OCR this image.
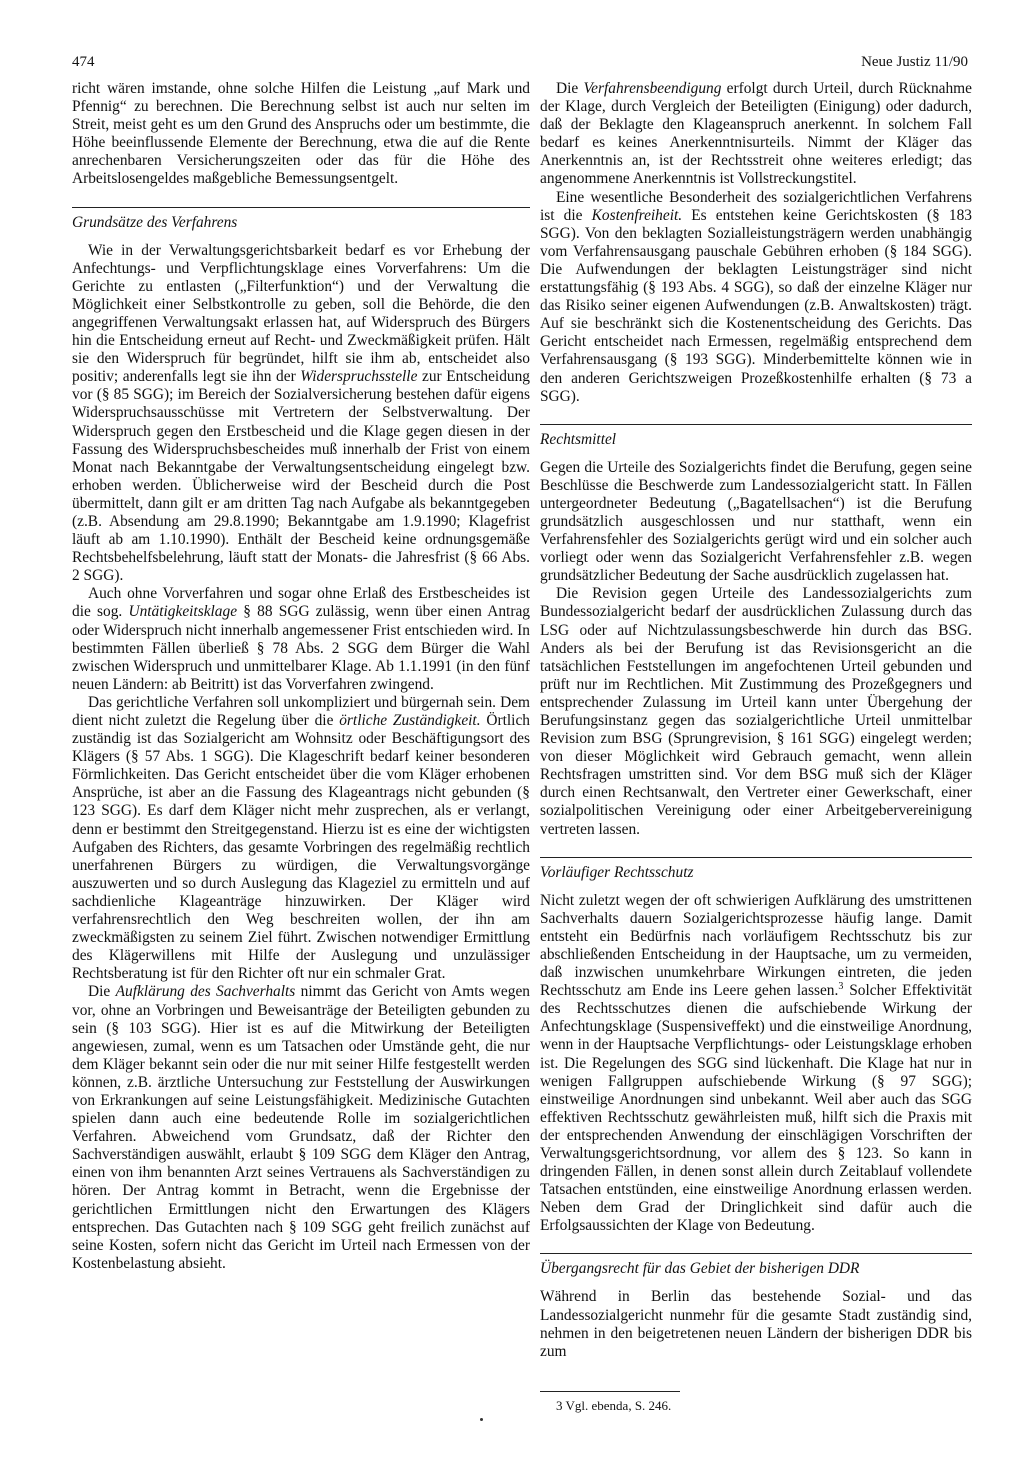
474	Neue Justiz 11/90

richt wären imstande, ohne solche Hilfen die Leistung „auf Mark und Pfennig“ zu berechnen. Die Berechnung selbst ist auch nur selten im Streit, meist geht es um den Grund des Anspruchs oder um bestimmte, die Höhe beeinflussende Elemente der Berechnung, etwa die auf die Rente anrechenbaren Versicherungszeiten oder das für die Höhe des Arbeitslosengeldes maßgebliche Bemessungsentgelt.

Grundsätze des Verfahrens

Wie in der Verwaltungsgerichtsbarkeit bedarf es vor Erhebung der Anfechtungs- und Verpflichtungsklage eines Vorverfahrens: Um die Gerichte zu entlasten („Filterfunktion“) und der Verwaltung die Möglichkeit einer Selbstkontrolle zu geben, soll die Behörde, die den angegriffenen Verwaltungsakt erlassen hat, auf Widerspruch des Bürgers hin die Entscheidung erneut auf Recht- und Zweckmäßigkeit prüfen. Hält sie den Widerspruch für begründet, hilft sie ihm ab, entscheidet also positiv; anderenfalls legt sie ihn der Widerspruchsstelle zur Entscheidung vor (§ 85 SGG); im Bereich der Sozialversicherung bestehen dafür eigens Widerspruchsausschüsse mit Vertretern der Selbstverwaltung. Der Widerspruch gegen den Erstbescheid und die Klage gegen diesen in der Fassung des Widerspruchsbescheides muß innerhalb der Frist von einem Monat nach Bekanntgabe der Verwaltungsentscheidung eingelegt bzw. erhoben werden. Üblicherweise wird der Bescheid durch die Post übermittelt, dann gilt er am dritten Tag nach Aufgabe als bekanntgegeben (z.B. Absendung am 29.8.1990; Bekanntgabe am 1.9.1990; Klagefrist läuft ab am 1.10.1990). Enthält der Bescheid keine ordnungsgemäße Rechtsbehelfsbelehrung, läuft statt der Monats- die Jahresfrist (§ 66 Abs. 2 SGG).

Auch ohne Vorverfahren und sogar ohne Erlaß des Erstbescheides ist die sog. Untätigkeitsklage § 88 SGG zulässig, wenn über einen Antrag oder Widerspruch nicht innerhalb angemessener Frist entschieden wird. In bestimmten Fällen überließ § 78 Abs. 2 SGG dem Bürger die Wahl zwischen Widerspruch und unmittelbarer Klage. Ab 1.1.1991 (in den fünf neuen Ländern: ab Beitritt) ist das Vorverfahren zwingend.

Das gerichtliche Verfahren soll unkompliziert und bürgernah sein. Dem dient nicht zuletzt die Regelung über die örtliche Zuständigkeit. Örtlich zuständig ist das Sozialgericht am Wohnsitz oder Beschäftigungsort des Klägers (§ 57 Abs. 1 SGG). Die Klageschrift bedarf keiner besonderen Förmlichkeiten. Das Gericht entscheidet über die vom Kläger erhobenen Ansprüche, ist aber an die Fassung des Klageantrags nicht gebunden (§ 123 SGG). Es darf dem Kläger nicht mehr zusprechen, als er verlangt, denn er bestimmt den Streitgegenstand. Hierzu ist es eine der wichtigsten Aufgaben des Richters, das gesamte Vorbringen des regelmäßig rechtlich unerfahrenen Bürgers zu würdigen, die Verwaltungsvorgänge auszuwerten und so durch Auslegung das Klageziel zu ermitteln und auf sachdienliche Klageanträge hinzuwirken. Der Kläger wird verfahrensrechtlich den Weg beschreiten wollen, der ihn am zweckmäßigsten zu seinem Ziel führt. Zwischen notwendiger Ermittlung des Klägerwillens mit Hilfe der Auslegung und unzulässiger Rechtsberatung ist für den Richter oft nur ein schmaler Grat.

Die Aufklärung des Sachverhalts nimmt das Gericht von Amts wegen vor, ohne an Vorbringen und Beweisanträge der Beteiligten gebunden zu sein (§ 103 SGG). Hier ist es auf die Mitwirkung der Beteiligten angewiesen, zumal, wenn es um Tatsachen oder Umstände geht, die nur dem Kläger bekannt sein oder die nur mit seiner Hilfe festgestellt werden können, z.B. ärztliche Untersuchung zur Feststellung der Auswirkungen von Erkrankungen auf seine Leistungsfähigkeit. Medizinische Gutachten spielen dann auch eine bedeutende Rolle im sozialgerichtlichen Verfahren. Abweichend vom Grundsatz, daß der Richter den Sachverständigen auswählt, erlaubt § 109 SGG dem Kläger den Antrag, einen von ihm benannten Arzt seines Vertrauens als Sachverständigen zu hören. Der Antrag kommt in Betracht, wenn die Ergebnisse der gerichtlichen Ermittlungen nicht den Erwartungen des Klägers entsprechen. Das Gutachten nach § 109 SGG geht freilich zunächst auf seine Kosten, sofern nicht das Gericht im Urteil nach Ermessen von der Kostenbelastung absieht.

Die Verfahrensbeendigung erfolgt durch Urteil, durch Rücknahme der Klage, durch Vergleich der Beteiligten (Einigung) oder dadurch, daß der Beklagte den Klageanspruch anerkennt. In solchem Fall bedarf es keines Anerkenntnisurteils. Nimmt der Kläger das Anerkenntnis an, ist der Rechtsstreit ohne weiteres erledigt; das angenommene Anerkenntnis ist Vollstreckungstitel.

Eine wesentliche Besonderheit des sozialgerichtlichen Verfahrens ist die Kostenfreiheit. Es entstehen keine Gerichtskosten (§ 183 SGG). Von den beklagten Sozialleistungsträgern werden unabhängig vom Verfahrensausgang pauschale Gebühren erhoben (§ 184 SGG). Die Aufwendungen der beklagten Leistungsträger sind nicht erstattungsfähig (§ 193 Abs. 4 SGG), so daß der einzelne Kläger nur das Risiko seiner eigenen Aufwendungen (z.B. Anwaltskosten) trägt. Auf sie beschränkt sich die Kostenentscheidung des Gerichts. Das Gericht entscheidet nach Ermessen, regelmäßig entsprechend dem Verfahrensausgang (§ 193 SGG). Minderbemittelte können wie in den anderen Gerichtszweigen Prozeßkostenhilfe erhalten (§ 73 a SGG).

Rechtsmittel

Gegen die Urteile des Sozialgerichts findet die Berufung, gegen seine Beschlüsse die Beschwerde zum Landessozialgericht statt. In Fällen untergeordneter Bedeutung („Bagatellsachen“) ist die Berufung grundsätzlich ausgeschlossen und nur statthaft, wenn ein Verfahrensfehler des Sozialgerichts gerügt wird und ein solcher auch vorliegt oder wenn das Sozialgericht Verfahrensfehler z.B. wegen grundsätzlicher Bedeutung der Sache ausdrücklich zugelassen hat.

Die Revision gegen Urteile des Landessozialgerichts zum Bundessozialgericht bedarf der ausdrücklichen Zulassung durch das LSG oder auf Nichtzulassungsbeschwerde hin durch das BSG. Anders als bei der Berufung ist das Revisionsgericht an die tatsächlichen Feststellungen im angefochtenen Urteil gebunden und prüft nur im Rechtlichen. Mit Zustimmung des Prozeßgegners und entsprechender Zulassung im Urteil kann unter Übergehung der Berufungsinstanz gegen das sozialgerichtliche Urteil unmittelbar Revision zum BSG (Sprungrevision, § 161 SGG) eingelegt werden; von dieser Möglichkeit wird Gebrauch gemacht, wenn allein Rechtsfragen umstritten sind. Vor dem BSG muß sich der Kläger durch einen Rechtsanwalt, den Vertreter einer Gewerkschaft, einer sozialpolitischen Vereinigung oder einer Arbeitgebervereinigung vertreten lassen.

Vorläufiger Rechtsschutz

Nicht zuletzt wegen der oft schwierigen Aufklärung des umstrittenen Sachverhalts dauern Sozialgerichtsprozesse häufig lange. Damit entsteht ein Bedürfnis nach vorläufigem Rechtsschutz bis zur abschließenden Entscheidung in der Hauptsache, um zu vermeiden, daß inzwischen unumkehrbare Wirkungen eintreten, die jeden Rechtsschutz am Ende ins Leere gehen lassen.$^3$ Solcher Effektivität des Rechtsschutzes dienen die aufschiebende Wirkung der Anfechtungsklage (Suspensiveffekt) und die einstweilige Anordnung, wenn in der Hauptsache Verpflichtungs- oder Leistungsklage erhoben ist. Die Regelungen des SGG sind lückenhaft. Die Klage hat nur in wenigen Fallgruppen aufschiebende Wirkung (§ 97 SGG); einstweilige Anordnungen sind unbekannt. Weil aber auch das SGG effektiven Rechtsschutz gewährleisten muß, hilft sich die Praxis mit der entsprechenden Anwendung der einschlägigen Vorschriften der Verwaltungsgerichtsordnung, vor allem des § 123. So kann in dringenden Fällen, in denen sonst allein durch Zeitablauf vollendete Tatsachen entstünden, eine einstweilige Anordnung erlassen werden. Neben dem Grad der Dringlichkeit sind dafür auch die Erfolgsaussichten der Klage von Bedeutung.

Übergangsrecht für das Gebiet der bisherigen DDR

Während in Berlin das bestehende Sozial- und das Landessozialgericht nunmehr für die gesamte Stadt zuständig sind, nehmen in den beigetretenen neuen Ländern der bisherigen DDR bis zum

3 Vgl. ebenda, S. 246.
